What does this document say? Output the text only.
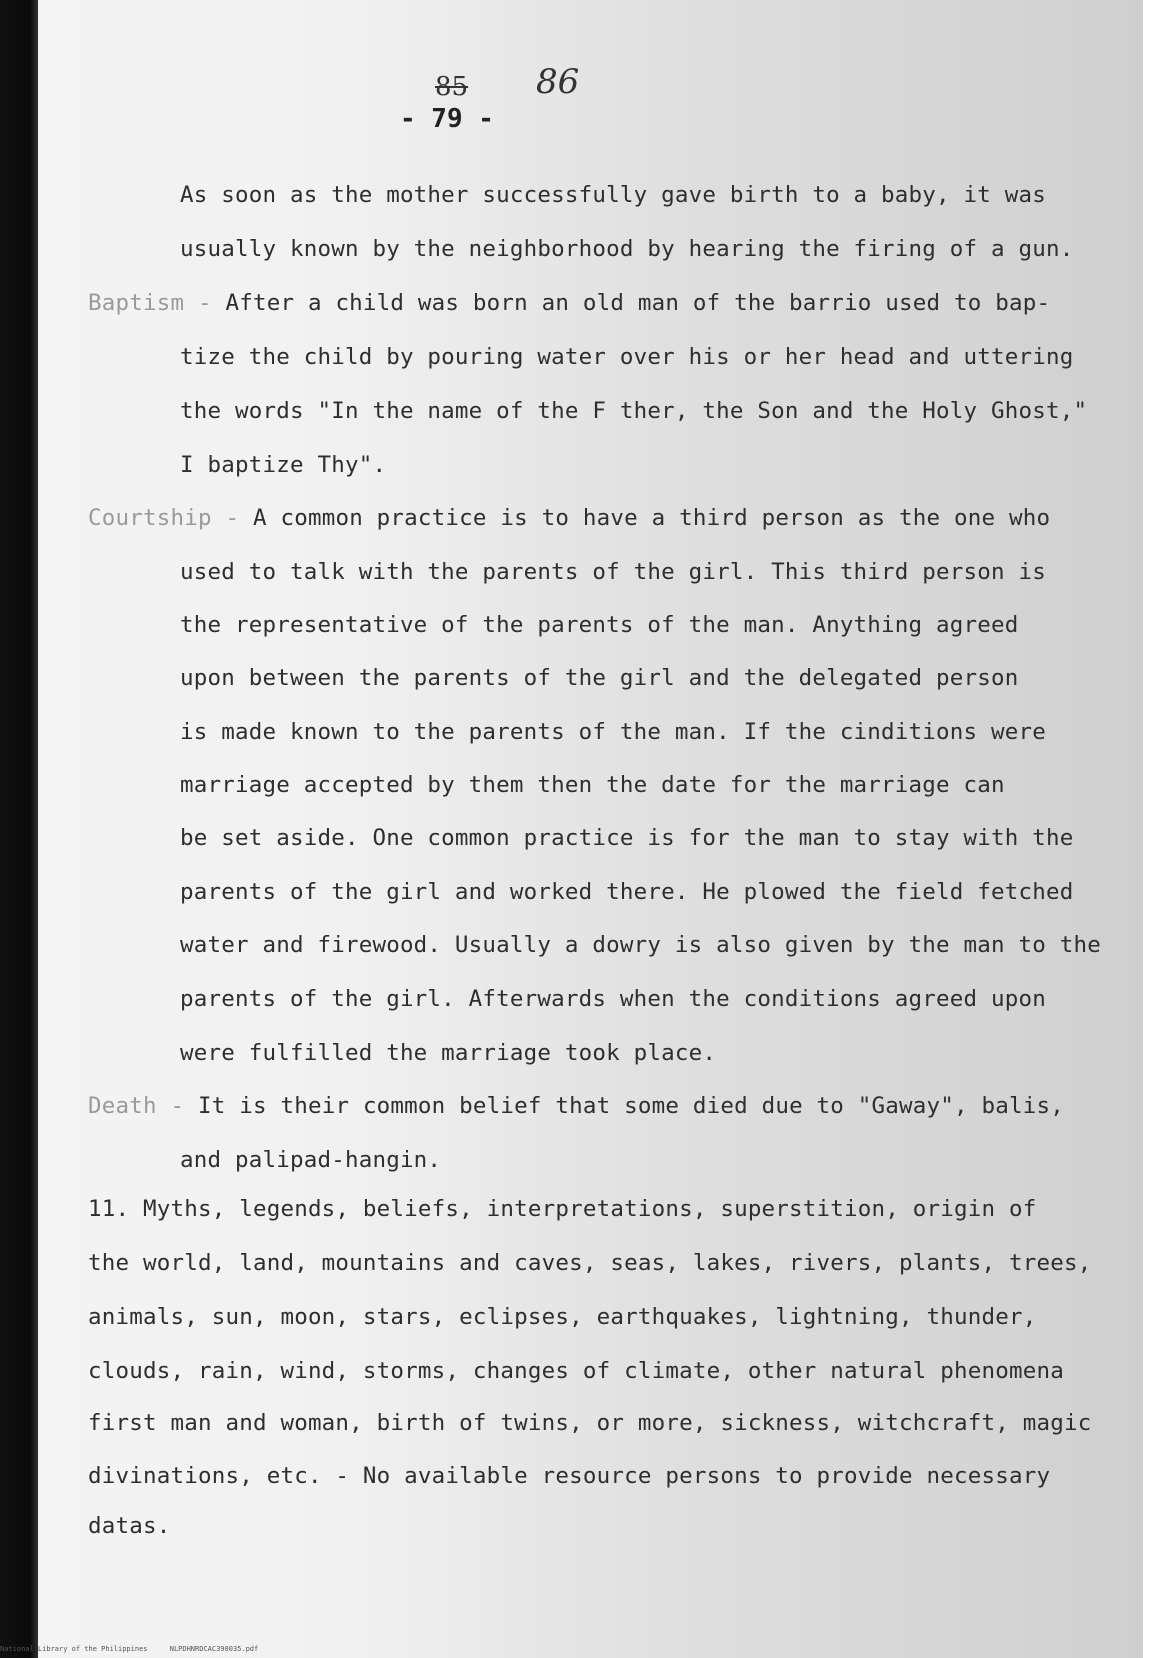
85 86
- 79 -
As soon as the mother successfully gave birth to a baby, it was
usually known by the neighborhood by hearing the firing of a gun.
Baptism - After a child was born an old man of the barrio used to bap-
tize the child by pouring water over his or her head and uttering
the words "In the name of the F ther, the Son and the Holy Ghost,"
I baptize Thy".
Courtship - A common practice is to have a third person as the one who
used to talk with the parents of the girl. This third person is
the representative of the parents of the man. Anything agreed
upon between the parents of the girl and the delegated person
is made known to the parents of the man. If the cinditions were
marriage accepted by them then the date for the marriage can
be set aside. One common practice is for the man to stay with the
parents of the girl and worked there. He plowed the field fetched
water and firewood. Usually a dowry is also given by the man to the
parents of the girl. Afterwards when the conditions agreed upon
were fulfilled the marriage took place.
Death - It is their common belief that some died due to "Gaway", balis,
and palipad-hangin.
11. Myths, legends, beliefs, interpretations, superstition, origin of
the world, land, mountains and caves, seas, lakes, rivers, plants, trees,
animals, sun, moon, stars, eclipses, earthquakes, lightning, thunder,
clouds, rain, wind, storms, changes of climate, other natural phenomena
first man and woman, birth of twins, or more, sickness, witchcraft, magic
divinations, etc. - No available resource persons to provide necessary
datas.
National Library of the Philippines	NLPDHNRDCAC390035.pdf
